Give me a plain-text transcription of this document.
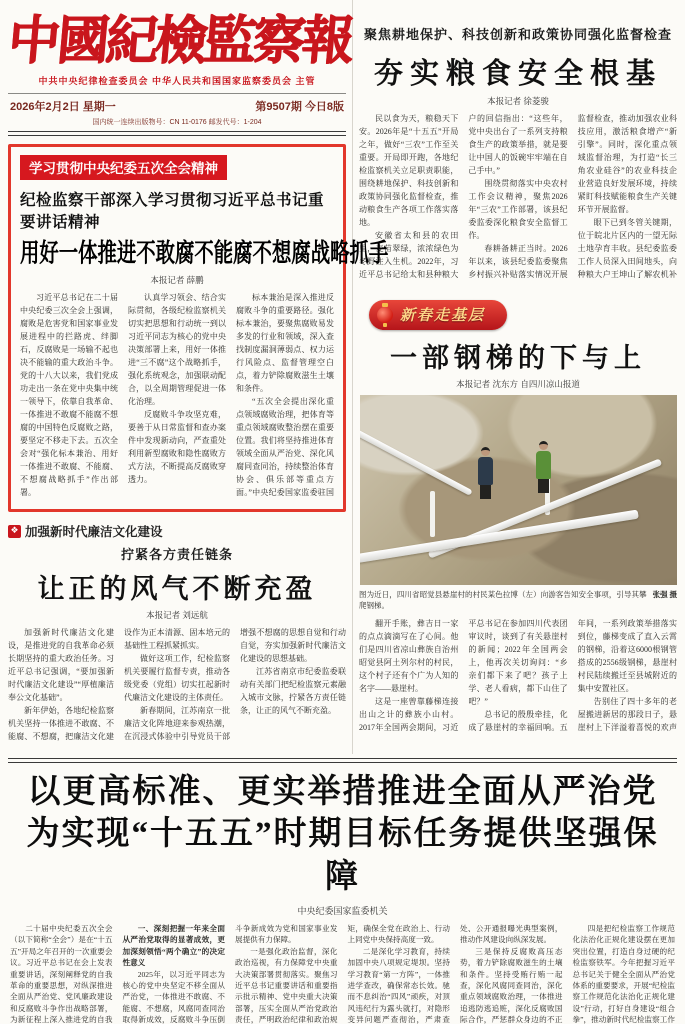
中國紀檢監察報
中共中央纪律检查委员会 中华人民共和国国家监察委员会 主管
2026年2月2日 星期一	第9507期 今日8版
国内统一连续出版物号：CN 11-0176 邮发代号：1-204
学习贯彻中央纪委五次全会精神
纪检监察干部深入学习贯彻习近平总书记重要讲话精神
用好一体推进不敢腐不能腐不想腐战略抓手
本报记者 薛鹏

习近平总书记在二十届中央纪委三次全会上强调，腐败是危害党和国家事业发展进程中的拦路虎、绊脚石，反腐败是一场输不起也决不能输的重大政治斗争。党的十八大以来，我们党成功走出一条在党中央集中统一领导下，依靠自我革命、一体推进不敢腐不能腐不想腐的中国特色反腐败之路，要坚定不移走下去。五次全会对“强化标本兼治、用好一体推进不敢腐、不能腐、不想腐战略抓手”作出部署。

认真学习领会、结合实际贯彻，各级纪检监察机关切实把思想和行动统一到以习近平同志为核心的党中央决策部署上来，用好一体推进“三不腐”这个战略抓手，强化系统观念，加强联动配合，以全周期管理促进一体化治理。

反腐败斗争攻坚克难，要善于从日常监督和查办案件中发现新动向，严查重处利用新型腐败和隐性腐败方式方法，不断提高反腐败穿透力。

标本兼治是深入推进反腐败斗争的重要路径。强化标本兼治，要聚焦腐败易发多发的行业和领域，深入查找制度漏洞薄弱点、权力运行风险点、监督管理空白点，着力铲除腐败滋生土壤和条件。

“五次全会提出深化重点领域腐败治理，把体育等重点领域腐败整治摆在重要位置。我们将坚持推进体育领域全面从严治党、深化风腐同查同治，持续整治体育协会、俱乐部等重点方面。”中央纪委国家监委驻国

❖ 加强新时代廉洁文化建设
拧紧各方责任链条
让正的风气不断充盈
本报记者 刘远航

加强新时代廉洁文化建设，是推进党的自我革命必须长期坚持的重大政治任务。习近平总书记强调，“要加强新时代廉洁文化建设”“厚植廉洁奉公文化基础”。

新年伊始，各地纪检监察机关坚持一体推进不敢腐、不能腐、不想腐，把廉洁文化建设作为正本清源、固本培元的基础性工程抓紧抓实。

做好这项工作，纪检监察机关要履行监督专责，推动各级党委（党组）切实扛起新时代廉洁文化建设的主体责任。

新春期间，江苏南京一批廉洁文化阵地迎来参观热潮，在沉浸式体验中引导党员干部增强不想腐的思想自觉和行动自觉，夯实加强新时代廉洁文化建设的思想基础。

江苏省南京市纪委监委联动有关部门把纪检监察元素融入城市文脉，拧紧各方责任链条，让正的风气不断充盈。

聚焦耕地保护、科技创新和政策协同强化监督检查
夯实粮食安全根基
本报记者 徐菱骏

民以食为天，粮稳天下安。2026年是“十五五”开局之年，做好“三农”工作至关重要。开局即开跑，各地纪检监察机关立足职责职能，围绕耕地保护、科技创新和政策协同强化监督检查，推动粮食生产各项工作落实落地。

安徽省太和县的农田里，麦苗翠绿，浓浓绿色为冬野注入生机。2022年，习近平总书记给太和县种粮大户的回信指出：“这些年，党中央出台了一系列支持粮食生产的政策举措，就是要让中国人的饭碗牢牢端在自己手中。”

围绕贯彻落实中央农村工作会议精神，聚焦2026年“三农”工作部署，该县纪委监委深化粮食安全监督工作。

春耕备耕正当时。2026年以来，该县纪委监委聚焦乡村振兴补贴落实情况开展监督检查，推动加强农业科技应用，激活粮食增产“新引擎”。同时，深化重点领域监督治理，为打造“长三角农业硅谷”的农业科技企业营造良好发展环境，持续紧盯科技赋能粮食生产关键环节开展监督。

眼下已到冬管关键期，位于皖北片区内的一望无际土地孕育丰收。县纪委监委工作人员深入田间地头，向种粮大户王坤山了解农机补

新春走基层
一部钢梯的下与上
本报记者 沈东方 自四川凉山报道
图为近日，四川省昭觉县悬崖村的村民某色拉博（左）向游客告知安全事项，引导其攀爬钢梯。
张强 摄

翻开手账，彝吉日一家的点点滴滴写在了心间。他们是四川省凉山彝族自治州昭觉县阿土列尔村的村民，这个村子还有个广为人知的名字——悬崖村。

这是一座曾靠藤梯连接出山之计的彝族小山村。2017年全国两会期间，习近平总书记在参加四川代表团审议时，谈到了有关悬崖村的新闻；2022年全国两会上，他再次关切询问：“乡亲们都下来了吧？孩子上学、老人看病，都下山住了吧？”

总书记的殷殷牵挂，化成了悬崖村的幸福回响。五年间，一系列政策举措落实到位，藤梯变成了直入云霄的钢梯，沿着这6000根钢管搭成的2556级钢梯，悬崖村村民陆续搬迁至县城附近的集中安置社区。

告别住了四十多年的老屋搬进新居的那段日子，悬崖村上下洋溢着喜悦的欢声

以更高标准、更实举措推进全面从严治党
为实现“十五五”时期目标任务提供坚强保障
中央纪委国家监委机关

二十届中央纪委五次全会（以下简称“全会”）是在“十五五”开局之年召开的一次重要会议。习近平总书记在会上发表重要讲话，深刻阐释党的自我革命的重要思想，对纵深推进全面从严治党、党风廉政建设和反腐败斗争作出战略部署，为新征程上深入推进党的自我

一、深刻把握一年来全面从严治党取得的显著成效，更加深刻领悟“两个确立”的决定性意义

2025年，以习近平同志为核心的党中央坚定不移全面从严治党，一体推进不敢腐、不能腐、不想腐，风腐同查同治取得新成效，反腐败斗争压倒 斗争新成效为党和国家事业发展提供有力保障。

一是强化政治监督，深化政治巡视，有力保障党中央重大决策部署贯彻落实。聚焦习近平总书记重要讲话和重要指示批示精神、党中央重大决策部署，压实全面从严治党政治责任，严明政治纪律和政治规矩，确保全党在政治上、行动上同党中央保持高度一致。

二是深化学习教育，持续加固中央八项规定堤坝。坚持学习教育“第一方阵”，一体推进学查改，确保常态长效。驰而不息纠治“四风”顽疾，对顶风违纪行为露头就打，对隐形变异问题严查彻治，严肃查处、公开通报曝光典型案例，推动作风建设向纵深发展。

三是保持反腐败高压态势，着力铲除腐败滋生的土壤和条件。坚持受贿行贿一起查，深化风腐同查同治，深化重点领域腐败治理，一体推进追逃防逃追赃，深化反腐败国际合作，严惩群众身边的不正

四是把纪检监察工作规范化法治化正规化建设摆在更加突出位置，打造自身过硬的纪检监察铁军。今年把握习近平总书记关于健全全面从严治党体系的重要要求，开展“纪检监察工作规范化法治化正规化建设”行动，打好自身建设“组合拳”，推动新时代纪检监察工作
